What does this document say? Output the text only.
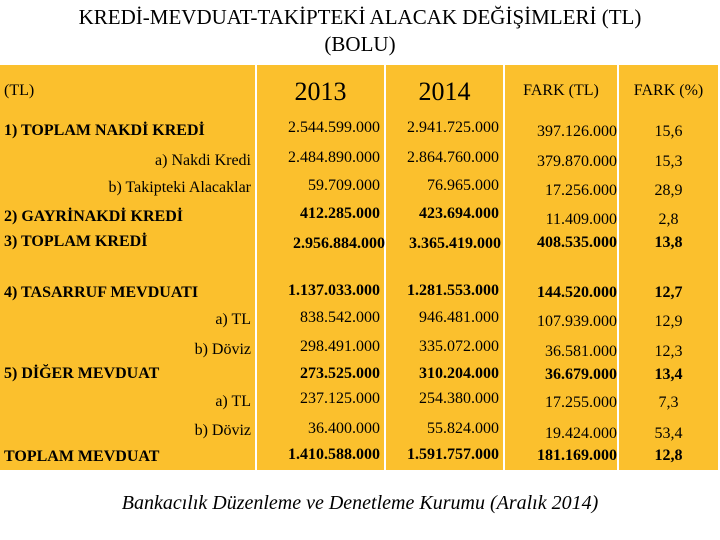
KREDİ-MEVDUAT-TAKİPTEKİ ALACAK DEĞİŞİMLERİ (TL)
(BOLU)
(TL)	2013	2014	FARK (TL)	FARK (%)
1) TOPLAM NAKDİ KREDİ	2.544.599.000 2.941.725.000 397.126.000	15,6
a) Nakdi Kredi 2.484.890.000 2.864.760.000 379.870.000	15,3
b) Takipteki Alacaklar	59.709.000	76.965.000	17.256.000	28,9
2) GAYRİNAKDİ KREDİ	412.285.000 423.694.000	11.409.000	2,8
3) TOPLAM KREDİ	2.956.884.000 3.365.419.000 408.535.000	13,8
4) TASARRUF MEVDUATI	1.137.033.000 1.281.553.000 144.520.000	12,7
a) TL	838.542.000 946.481.000 107.939.000	12,9
b) Döviz	298.491.000 335.072.000	36.581.000	12,3
5) DİĞER MEVDUAT	273.525.000 310.204.000	36.679.000	13,4
a) TL	237.125.000 254.380.000	17.255.000	7,3
b) Döviz	36.400.000	55.824.000	19.424.000	53,4
TOPLAM MEVDUAT	1.410.588.000 1.591.757.000 181.169.000	12,8
Bankacılık Düzenleme ve Denetleme Kurumu (Aralık 2014)
